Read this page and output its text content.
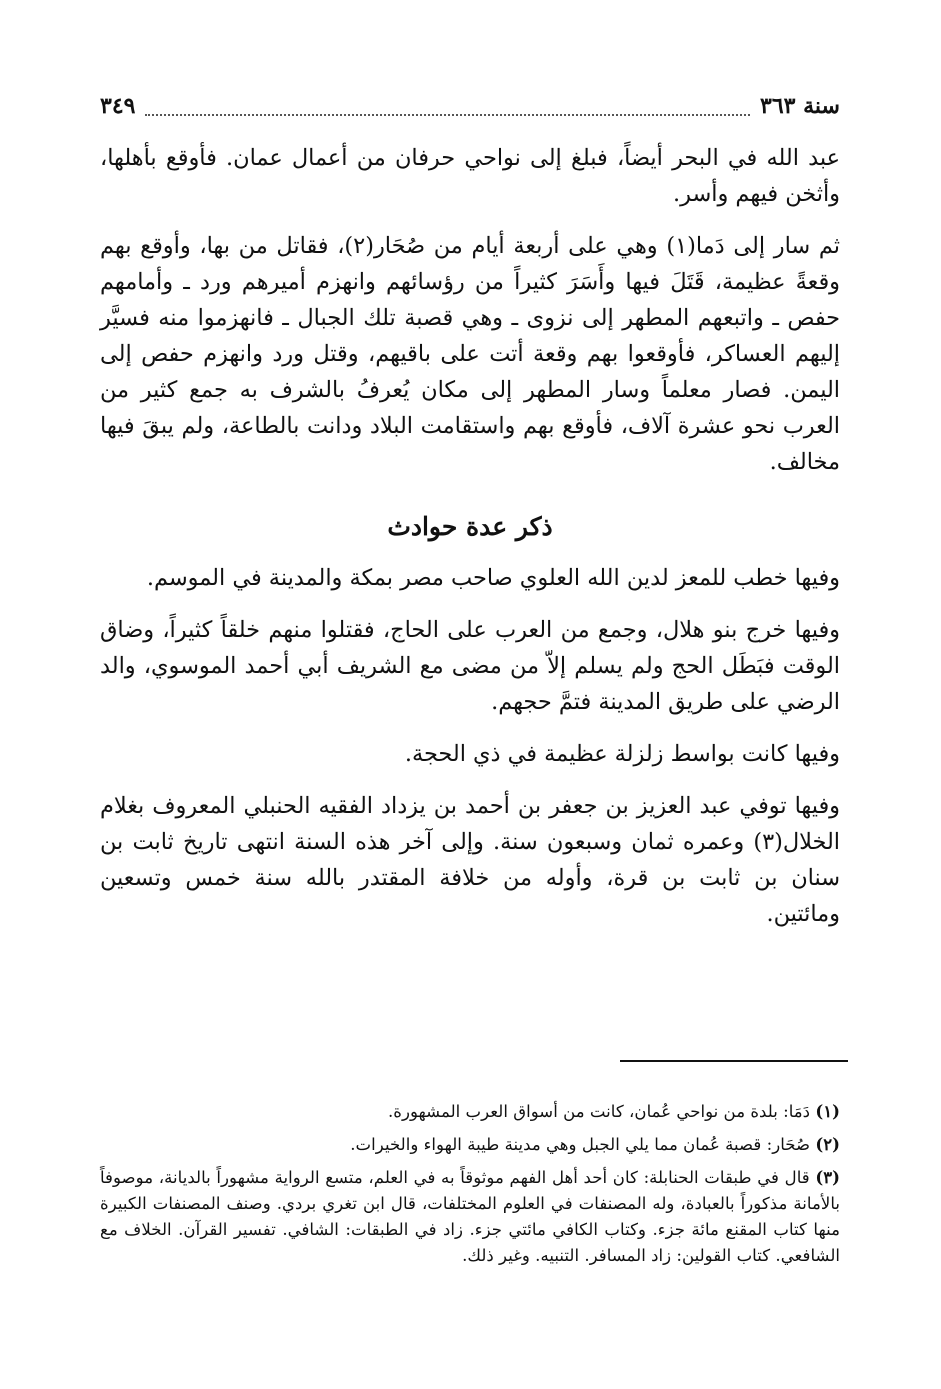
سنة ٣٦٣
٣٤٩

عبد الله في البحر أيضاً، فبلغ إلى نواحي حرفان من أعمال عمان. فأوقع بأهلها، وأثخن فيهم وأسر.

ثم سار إلى دَما(١) وهي على أربعة أيام من صُحَار(٢)، فقاتل من بها، وأوقع بهم وقعةً عظيمة، قَتَلَ فيها وأَسَرَ كثيراً من رؤسائهم وانهزم أميرهم ورد ـ وأمامهم حفص ـ واتبعهم المطهر إلى نزوى ـ وهي قصبة تلك الجبال ـ فانهزموا منه فسيَّر إليهم العساكر، فأوقعوا بهم وقعة أتت على باقيهم، وقتل ورد وانهزم حفص إلى اليمن. فصار معلماً وسار المطهر إلى مكان يُعرفُ بالشرف به جمع كثير من العرب نحو عشرة آلاف، فأوقع بهم واستقامت البلاد ودانت بالطاعة، ولم يبقَ فيها مخالف.

ذكر عدة حوادث

وفيها خطب للمعز لدين الله العلوي صاحب مصر بمكة والمدينة في الموسم.

وفيها خرج بنو هلال، وجمع من العرب على الحاج، فقتلوا منهم خلقاً كثيراً، وضاق الوقت فبَطَل الحج ولم يسلم إلاّ من مضى مع الشريف أبي أحمد الموسوي، والد الرضي على طريق المدينة فتمَّ حجهم.

وفيها كانت بواسط زلزلة عظيمة في ذي الحجة.

وفيها توفي عبد العزيز بن جعفر بن أحمد بن يزداد الفقيه الحنبلي المعروف بغلام الخلال(٣) وعمره ثمان وسبعون سنة. وإلى آخر هذه السنة انتهى تاريخ ثابت بن سنان بن ثابت بن قرة، وأوله من خلافة المقتدر بالله سنة خمس وتسعين ومائتين.

(١) دَمَا: بلدة من نواحي عُمان، كانت من أسواق العرب المشهورة.

(٢) صُحَار: قصبة عُمان مما يلي الجبل وهي مدينة طيبة الهواء والخيرات.

(٣) قال في طبقات الحنابلة: كان أحد أهل الفهم موثوقاً به في العلم، متسع الرواية مشهوراً بالديانة، موصوفاً بالأمانة مذكوراً بالعبادة، وله المصنفات في العلوم المختلفات، قال ابن تغري بردي. وصنف المصنفات الكبيرة منها كتاب المقنع مائة جزء. وكتاب الكافي مائتي جزء. زاد في الطبقات: الشافي. تفسير القرآن. الخلاف مع الشافعي. كتاب القولين: زاد المسافر. التنبيه. وغير ذلك.
